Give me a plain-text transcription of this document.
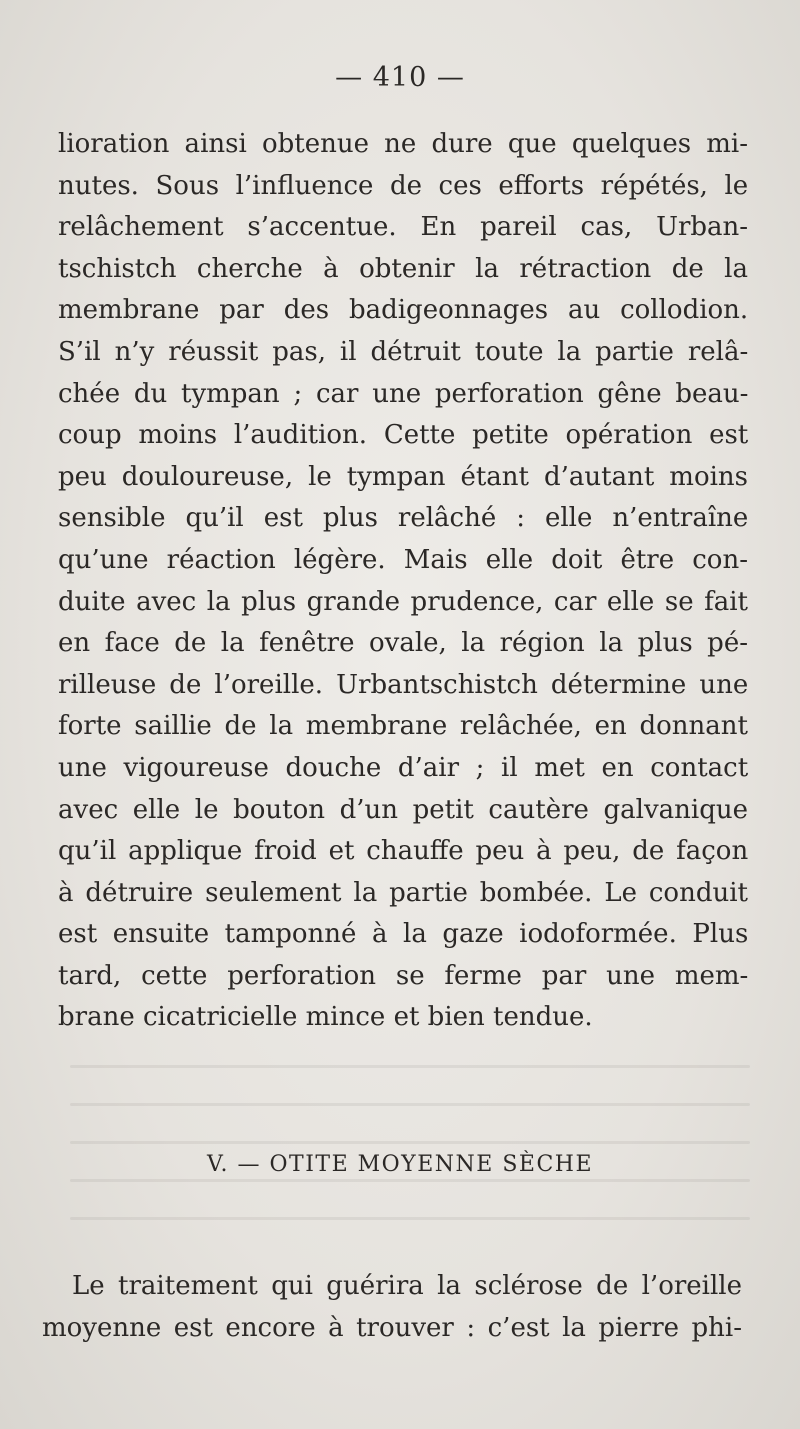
— 410 —
lioration ainsi obtenue ne dure que quelques mi-
nutes. Sous l’influence de ces efforts répétés, le
relâchement s’accentue. En pareil cas, Urban-
tschistch cherche à obtenir la rétraction de la
membrane par des badigeonnages au collodion.
S’il n’y réussit pas, il détruit toute la partie relâ-
chée du tympan ; car une perforation gêne beau-
coup moins l’audition. Cette petite opération est
peu douloureuse, le tympan étant d’autant moins
sensible qu’il est plus relâché : elle n’entraîne
qu’une réaction légère. Mais elle doit être con-
duite avec la plus grande prudence, car elle se fait
en face de la fenêtre ovale, la région la plus pé-
rilleuse de l’oreille. Urbantschistch détermine une
forte saillie de la membrane relâchée, en donnant
une vigoureuse douche d’air ; il met en contact
avec elle le bouton d’un petit cautère galvanique
qu’il applique froid et chauffe peu à peu, de façon
à détruire seulement la partie bombée. Le conduit
est ensuite tamponné à la gaze iodoformée. Plus
tard, cette perforation se ferme par une mem-
brane cicatricielle mince et bien tendue.
V. — OTITE MOYENNE SÈCHE
Le traitement qui guérira la sclérose de l’oreille
moyenne est encore à trouver : c’est la pierre phi-
